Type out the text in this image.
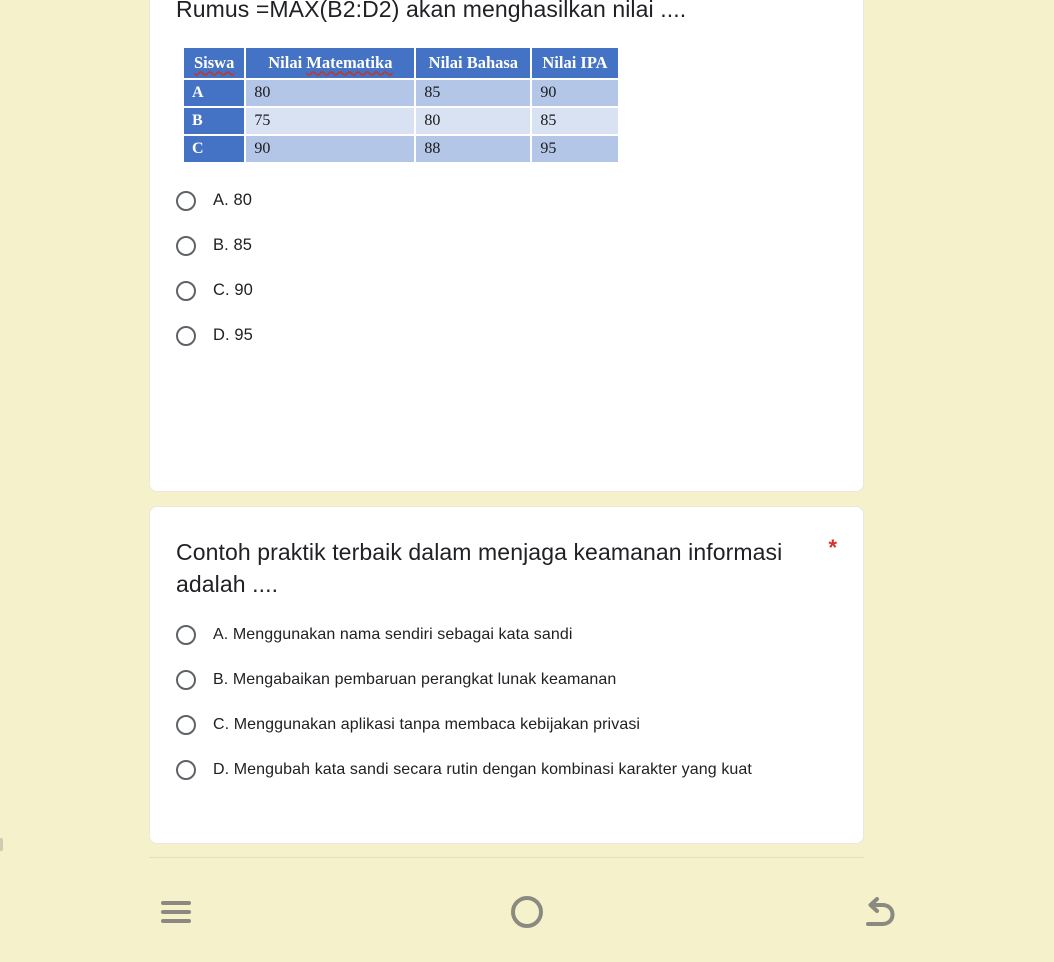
Rumus =MAX(B2:D2) akan menghasilkan nilai ....
Siswa	Nilai Matematika	Nilai Bahasa	Nilai IPA
A	80	85	90
B	75	80	85
C	90	88	95
A. 80
B. 85
C. 90
D. 95
Contoh praktik terbaik dalam menjaga keamanan informasi adalah ....
*
A. Menggunakan nama sendiri sebagai kata sandi
B. Mengabaikan pembaruan perangkat lunak keamanan
C. Menggunakan aplikasi tanpa membaca kebijakan privasi
D. Mengubah kata sandi secara rutin dengan kombinasi karakter yang kuat
